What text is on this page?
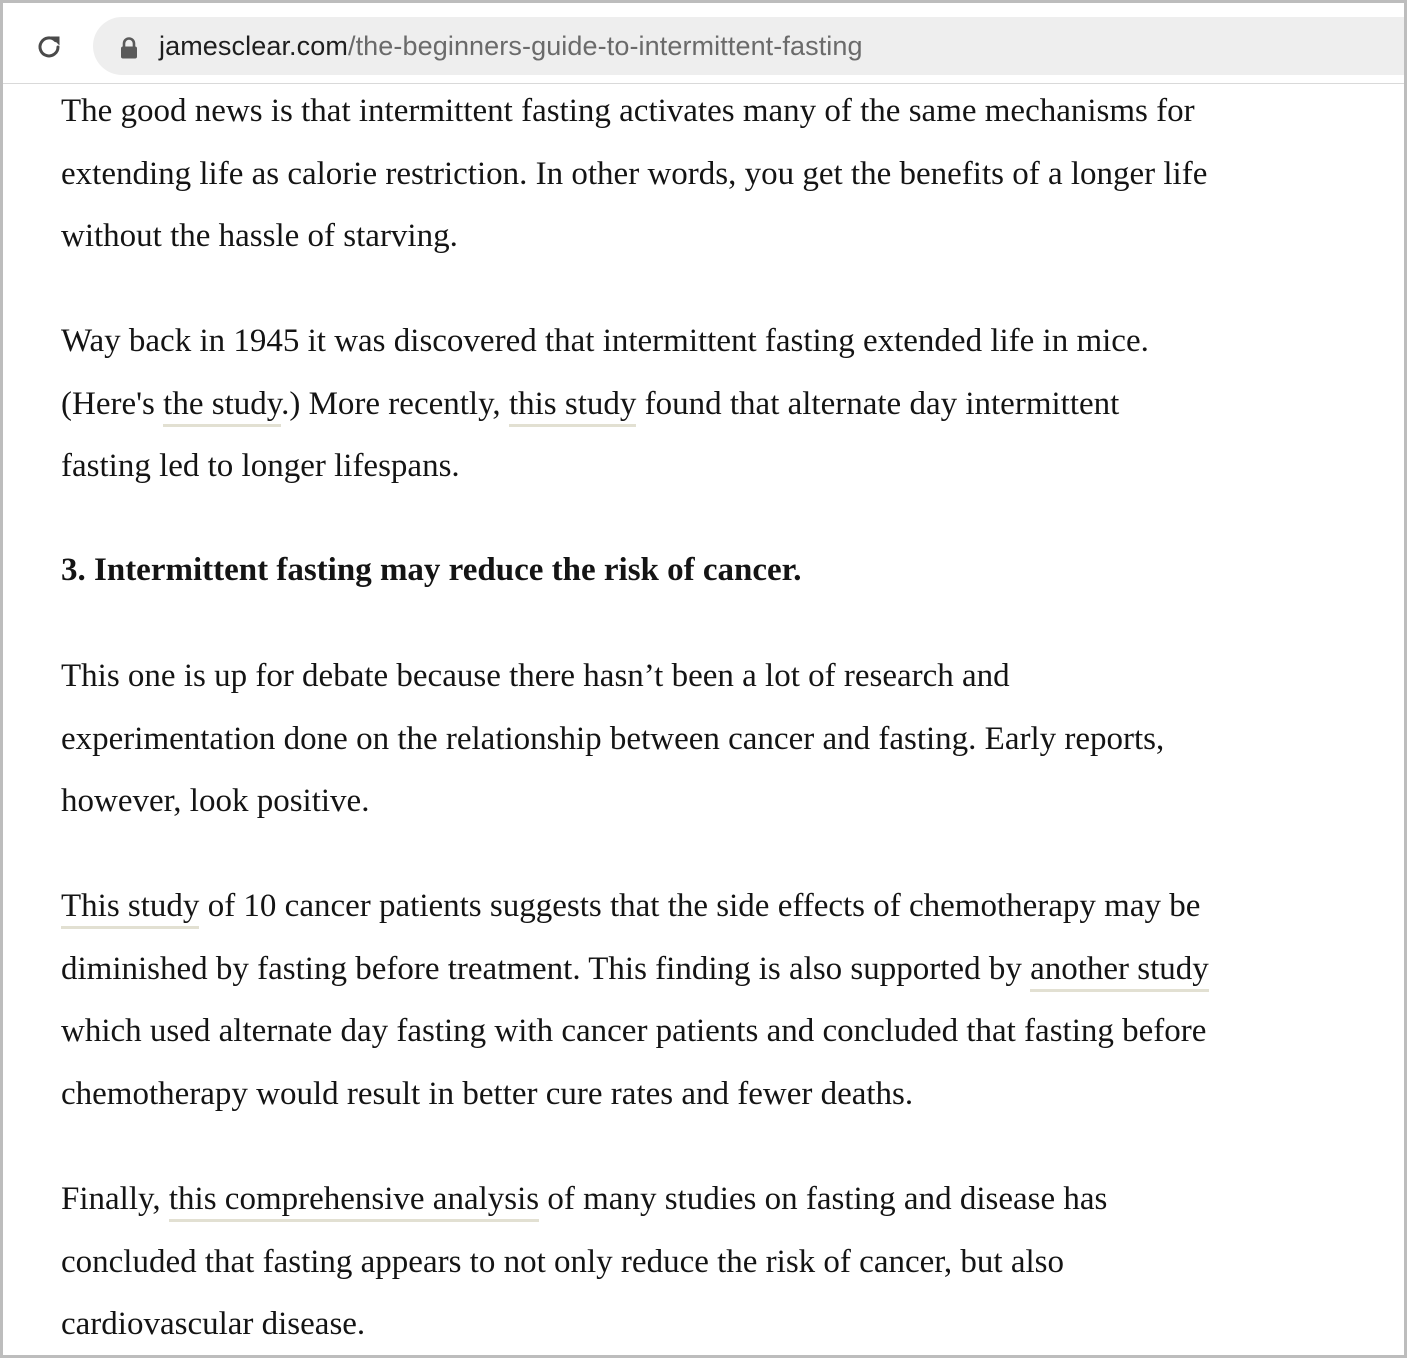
jamesclear.com/the-beginners-guide-to-intermittent-fasting

The good news is that intermittent fasting activates many of the same mechanisms for
extending life as calorie restriction. In other words, you get the benefits of a longer life
without the hassle of starving.

Way back in 1945 it was discovered that intermittent fasting extended life in mice.
(Here's the study.) More recently, this study found that alternate day intermittent
fasting led to longer lifespans.

3. Intermittent fasting may reduce the risk of cancer.

This one is up for debate because there hasn’t been a lot of research and
experimentation done on the relationship between cancer and fasting. Early reports,
however, look positive.

This study of 10 cancer patients suggests that the side effects of chemotherapy may be
diminished by fasting before treatment. This finding is also supported by another study
which used alternate day fasting with cancer patients and concluded that fasting before
chemotherapy would result in better cure rates and fewer deaths.

Finally, this comprehensive analysis of many studies on fasting and disease has
concluded that fasting appears to not only reduce the risk of cancer, but also
cardiovascular disease.
